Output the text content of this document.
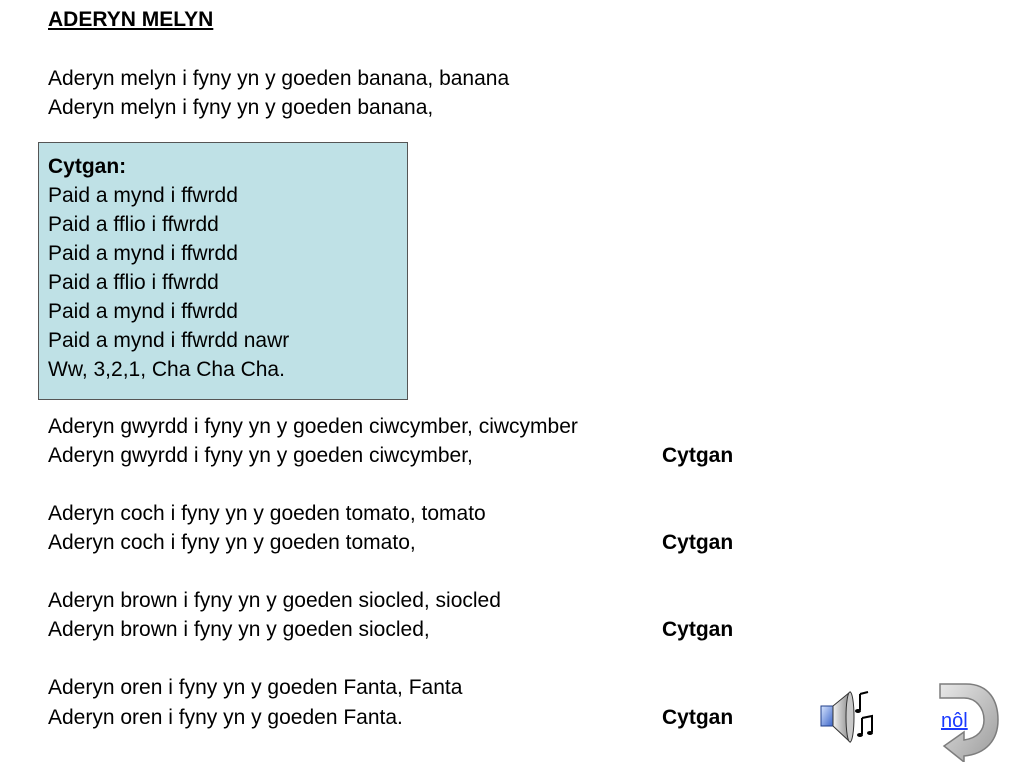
ADERYN MELYN
Aderyn melyn i fyny yn y goeden banana, banana
Aderyn melyn i fyny yn y goeden banana,
Cytgan:
Paid a mynd i ffwrdd
Paid a fflio i ffwrdd
Paid a mynd i ffwrdd
Paid a fflio i ffwrdd
Paid a mynd i ffwrdd
Paid a mynd i ffwrdd nawr
Ww, 3,2,1, Cha Cha Cha.
Aderyn gwyrdd i fyny yn y goeden ciwcymber, ciwcymber
Aderyn gwyrdd i fyny yn y goeden ciwcymber,	Cytgan
Aderyn coch i fyny yn y goeden tomato, tomato
Aderyn coch i fyny yn y goeden tomato,	Cytgan
Aderyn brown i fyny yn y goeden siocled, siocled
Aderyn brown i fyny yn y goeden siocled,	Cytgan
Aderyn oren i fyny yn y goeden Fanta, Fanta
Aderyn oren i fyny yn y goeden Fanta.	Cytgan	nôl
